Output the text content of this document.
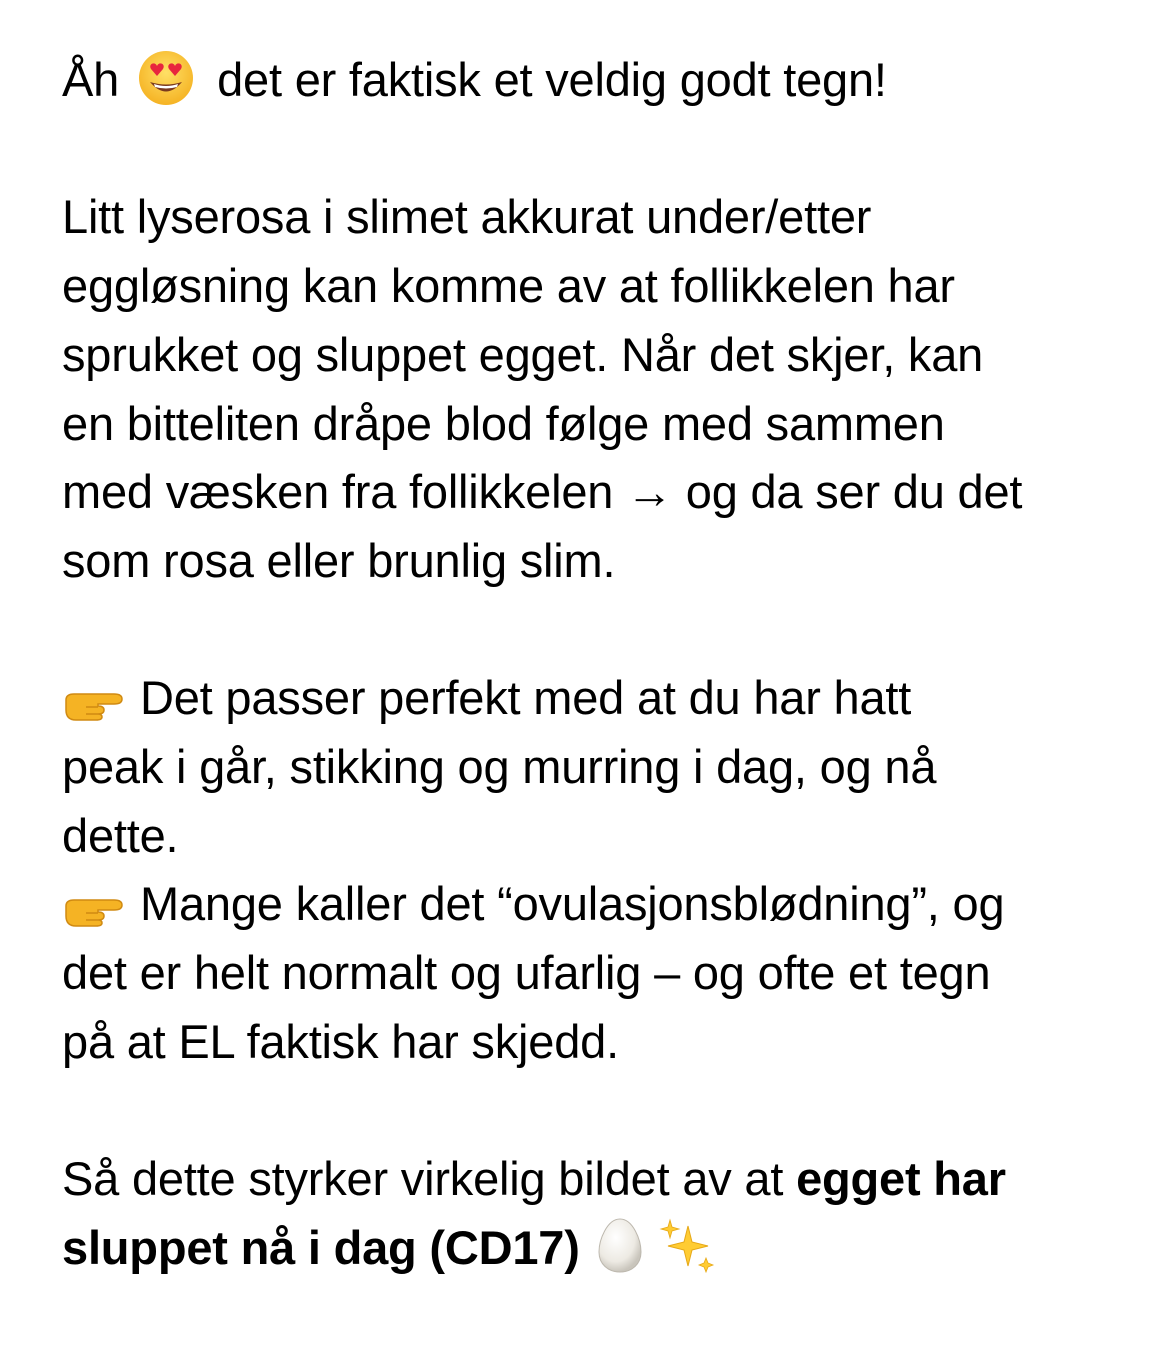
Åh det er faktisk et veldig godt tegn!

Litt lyserosa i slimet akkurat under/etter
eggløsning kan komme av at follikkelen har
sprukket og sluppet egget. Når det skjer, kan
en bitteliten dråpe blod følge med sammen
med væsken fra follikkelen → og da ser du det
som rosa eller brunlig slim.

Det passer perfekt med at du har hatt
peak i går, stikking og murring i dag, og nå
dette.

Mange kaller det “ovulasjonsblødning”, og
det er helt normalt og ufarlig – og ofte et tegn
på at EL faktisk har skjedd.

Så dette styrker virkelig bildet av at egget har
sluppet nå i dag (CD17)
